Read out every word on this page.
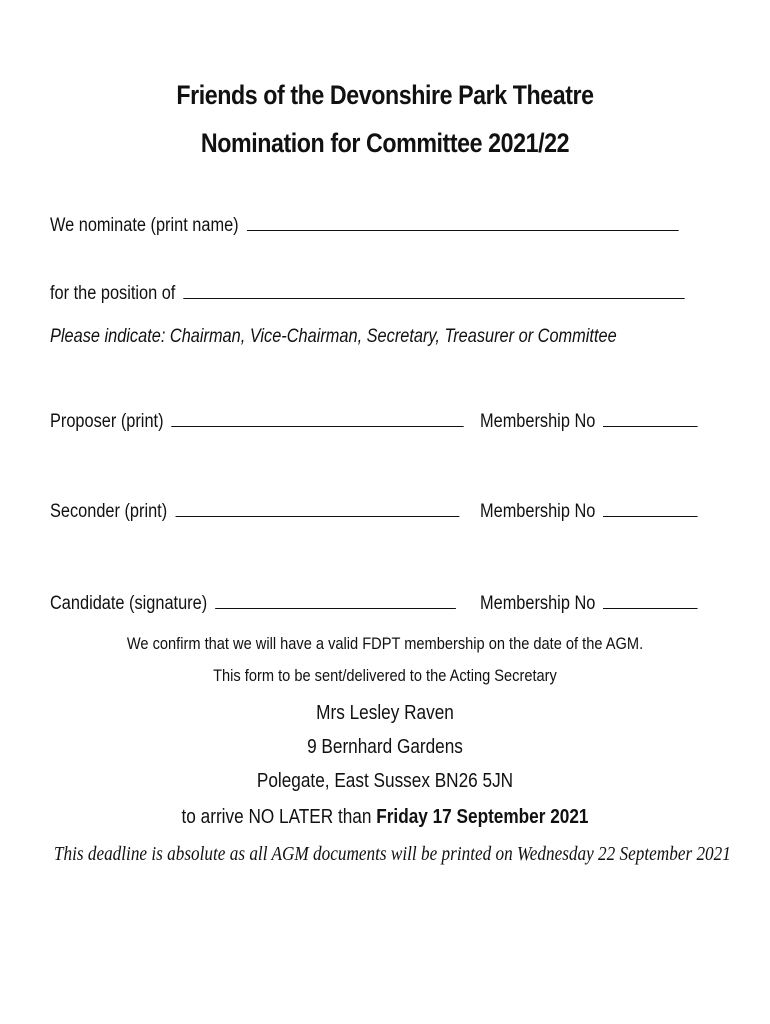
Friends of the Devonshire Park Theatre
Nomination for Committee 2021/22
We nominate (print name)
for the position of
Please indicate: Chairman, Vice-Chairman, Secretary, Treasurer or Committee
Proposer (print)	Membership No
Seconder (print)	Membership No
Candidate (signature)	Membership No
We confirm that we will have a valid FDPT membership on the date of the AGM.
This form to be sent/delivered to the Acting Secretary
Mrs Lesley Raven
9 Bernhard Gardens
Polegate, East Sussex BN26 5JN
to arrive NO LATER than Friday 17 September 2021
This deadline is absolute as all AGM documents will be printed on Wednesday 22 September 2021
